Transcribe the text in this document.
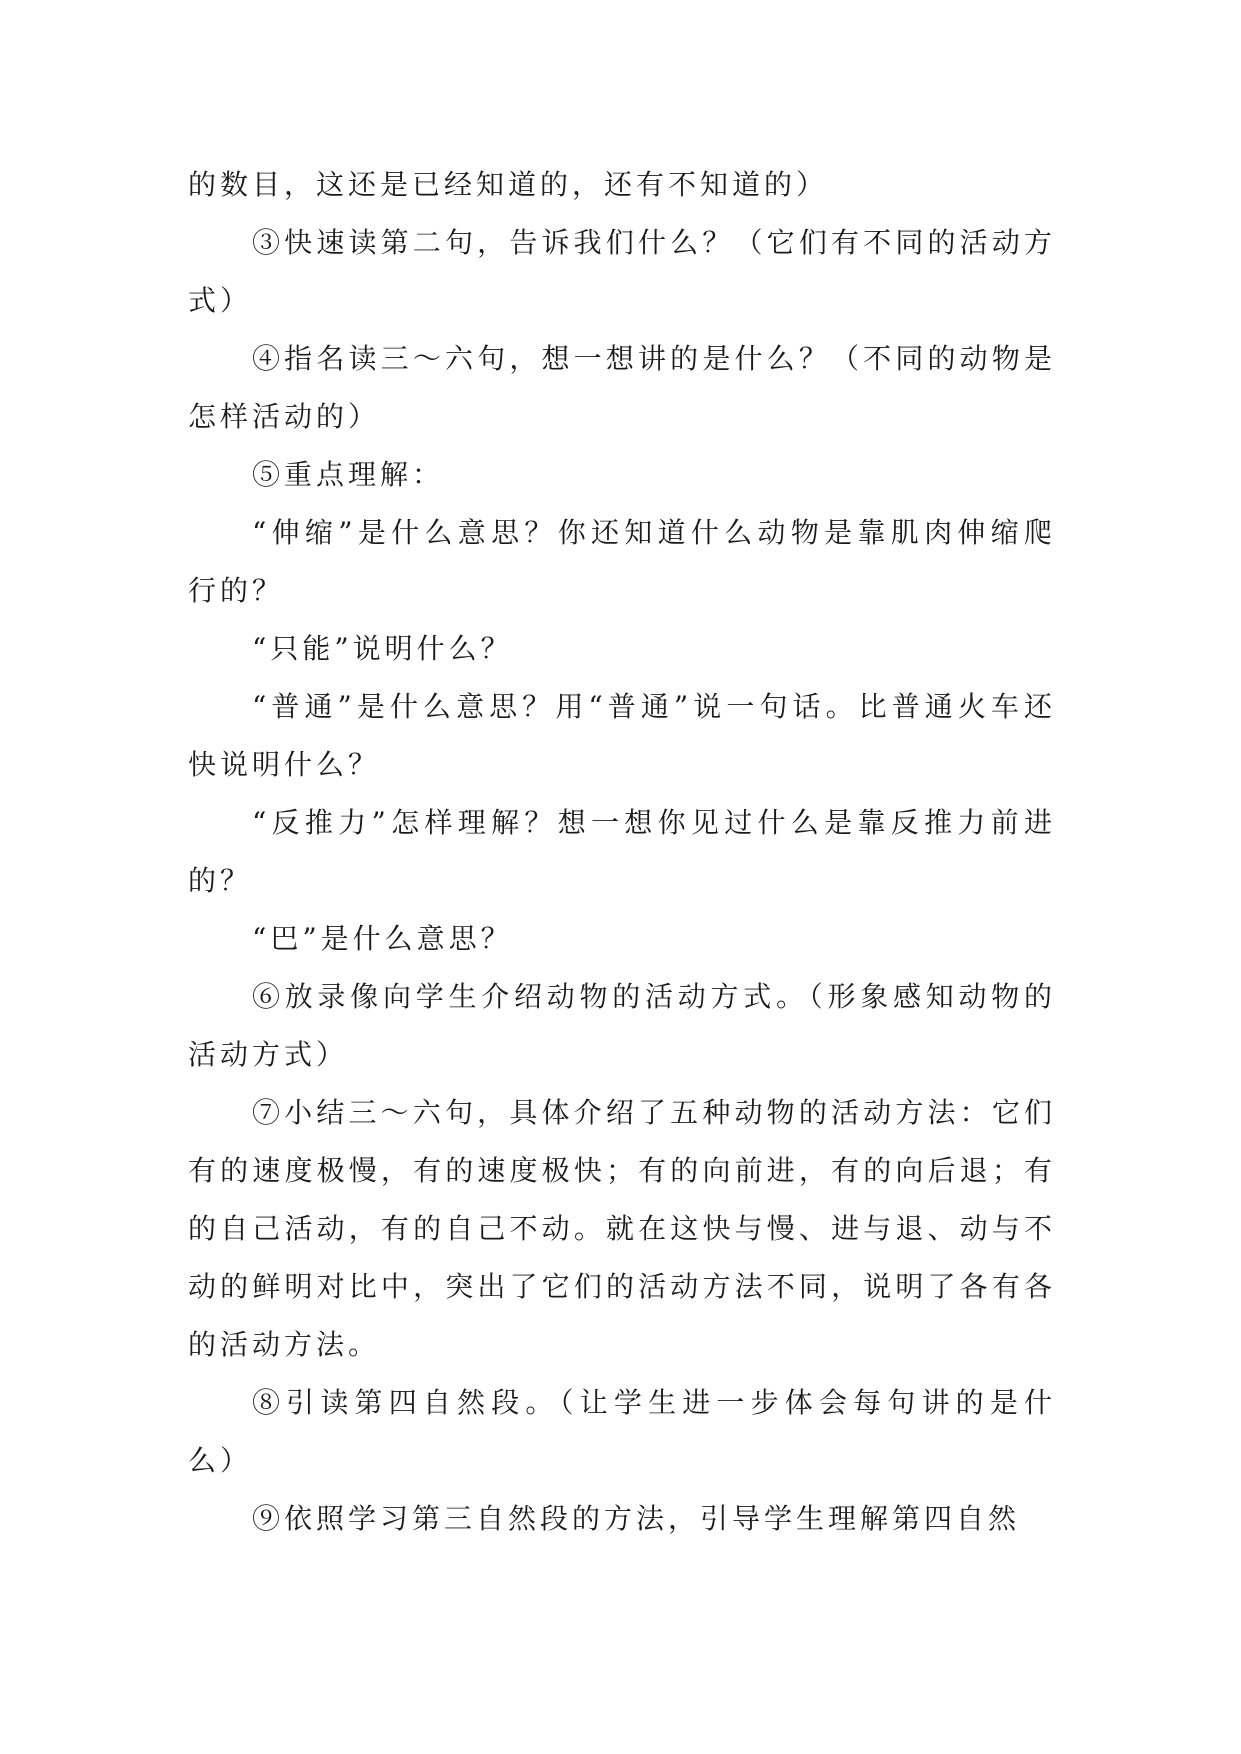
的数目，这还是已经知道的，还有不知道的）

③快速读第二句，告诉我们什么？（它们有不同的活动方式）

④指名读三～六句，想一想讲的是什么？（不同的动物是怎样活动的）

⑤重点理解：

“伸缩”是什么意思？你还知道什么动物是靠肌肉伸缩爬行的？

“只能”说明什么？

“普通”是什么意思？用“普通”说一句话。比普通火车还快说明什么？

“反推力”怎样理解？想一想你见过什么是靠反推力前进的？

“巴”是什么意思？

⑥放录像向学生介绍动物的活动方式。（形象感知动物的活动方式）

⑦小结三～六句，具体介绍了五种动物的活动方法：它们有的速度极慢，有的速度极快；有的向前进，有的向后退；有的自己活动，有的自己不动。就在这快与慢、进与退、动与不动的鲜明对比中，突出了它们的活动方法不同，说明了各有各的活动方法。

⑧引读第四自然段。（让学生进一步体会每句讲的是什么）

⑨依照学习第三自然段的方法，引导学生理解第四自然
